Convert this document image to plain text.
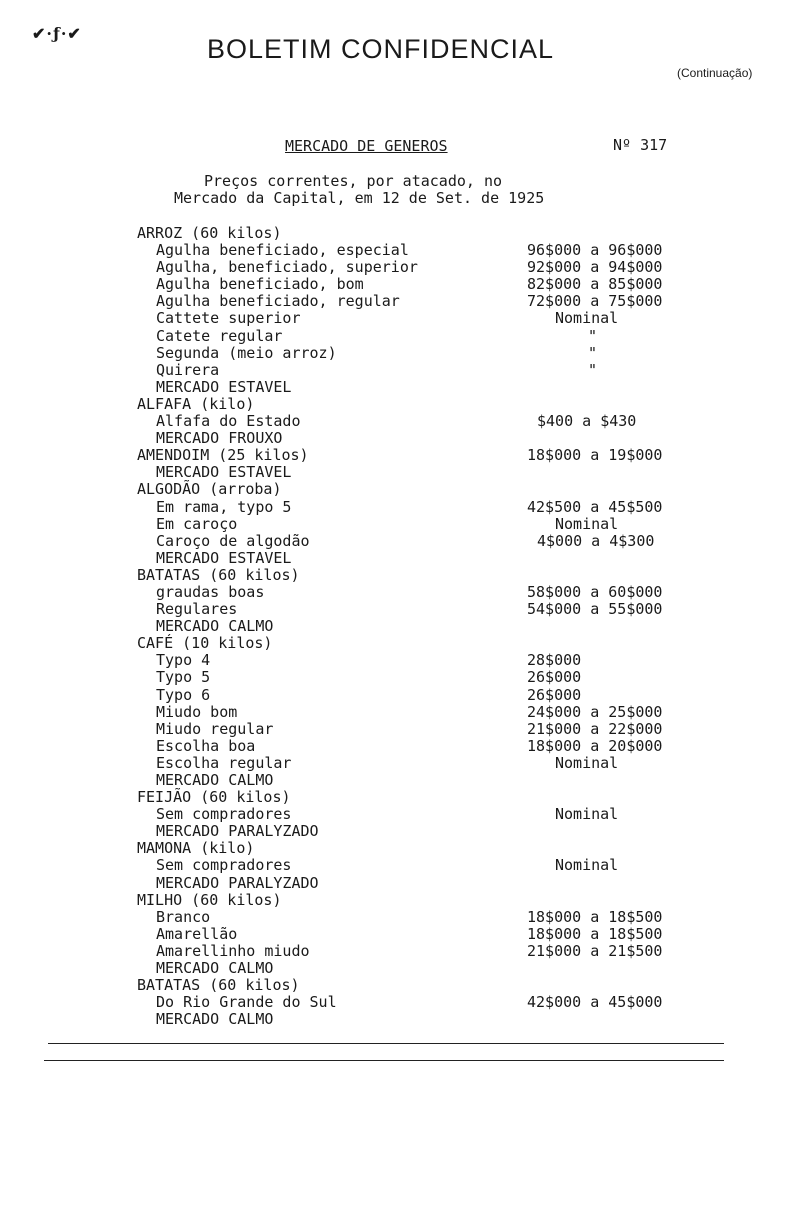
✔·ƒ·✔
BOLETIM CONFIDENCIAL
(Continuação)
MERCADO DE GENEROS	Nº 317
Preços correntes, por atacado, no
Mercado da Capital, em 12 de Set. de 1925
ARROZ (60 kilos)
Agulha beneficiado, especial	96$000 a 96$000
Agulha, beneficiado, superior	92$000 a 94$000
Agulha beneficiado, bom	82$000 a 85$000
Agulha beneficiado, regular	72$000 a 75$000
Cattete superior	Nominal
Catete regular	"
Segunda (meio arroz)	"
Quirera	"
MERCADO ESTAVEL
ALFAFA (kilo)
Alfafa do Estado	$400 a $430
MERCADO FROUXO
AMENDOIM (25 kilos)	18$000 a 19$000
MERCADO ESTAVEL
ALGODÃO (arroba)
Em rama, typo 5	42$500 a 45$500
Em caroço	Nominal
Caroço de algodão	4$000 a 4$300
MERCADO ESTAVEL
BATATAS (60 kilos)
graudas boas	58$000 a 60$000
Regulares	54$000 a 55$000
MERCADO CALMO
CAFÉ (10 kilos)
Typo 4	28$000
Typo 5	26$000
Typo 6	26$000
Miudo bom	24$000 a 25$000
Miudo regular	21$000 a 22$000
Escolha boa	18$000 a 20$000
Escolha regular	Nominal
MERCADO CALMO
FEIJÃO (60 kilos)
Sem compradores	Nominal
MERCADO PARALYZADO
MAMONA (kilo)
Sem compradores	Nominal
MERCADO PARALYZADO
MILHO (60 kilos)
Branco	18$000 a 18$500
Amarellão	18$000 a 18$500
Amarellinho miudo	21$000 a 21$500
MERCADO CALMO
BATATAS (60 kilos)
Do Rio Grande do Sul	42$000 a 45$000
MERCADO CALMO
